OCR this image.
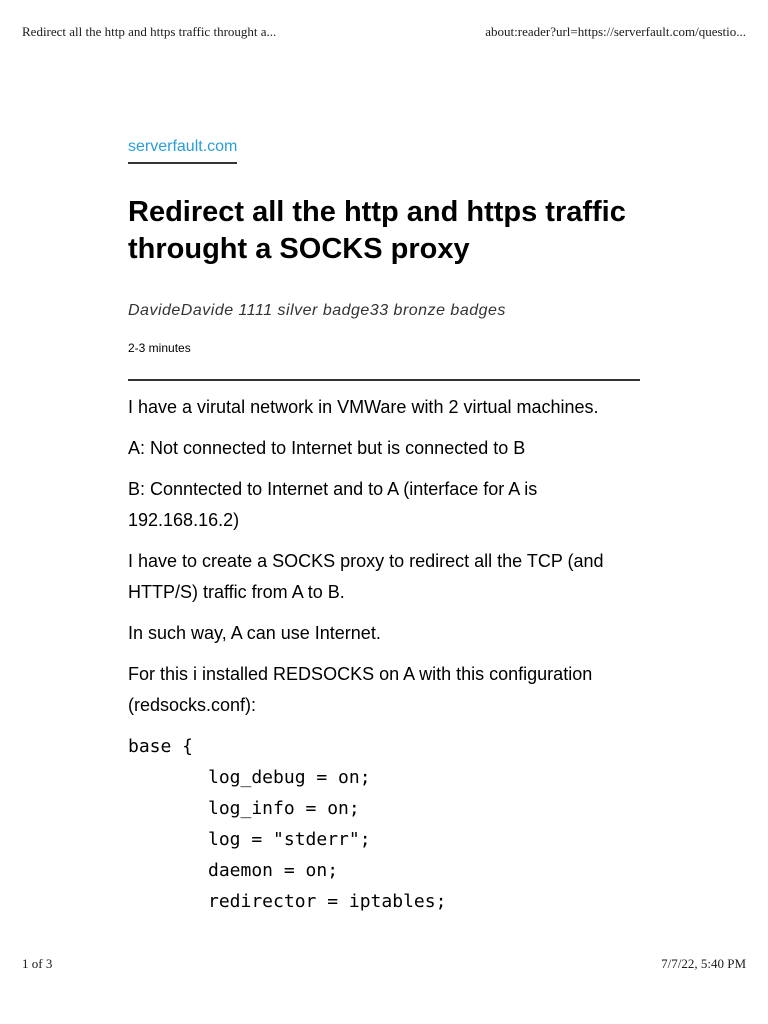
Redirect all the http and https traffic throught a...	about:reader?url=https://serverfault.com/questio...
serverfault.com
Redirect all the http and https traffic throught a SOCKS proxy
DavideDavide 1111 silver badge33 bronze badges
2-3 minutes

I have a virutal network in VMWare with 2 virtual machines.

A: Not connected to Internet but is connected to B

B: Conntected to Internet and to A (interface for A is 192.168.16.2)

I have to create a SOCKS proxy to redirect all the TCP (and HTTP/S) traffic from A to B.

In such way, A can use Internet.

For this i installed REDSOCKS on A with this configuration (redsocks.conf):

base {
log_debug = on;
log_info = on;
log = "stderr";
daemon = on;
redirector = iptables;
1 of 3	7/7/22, 5:40 PM
